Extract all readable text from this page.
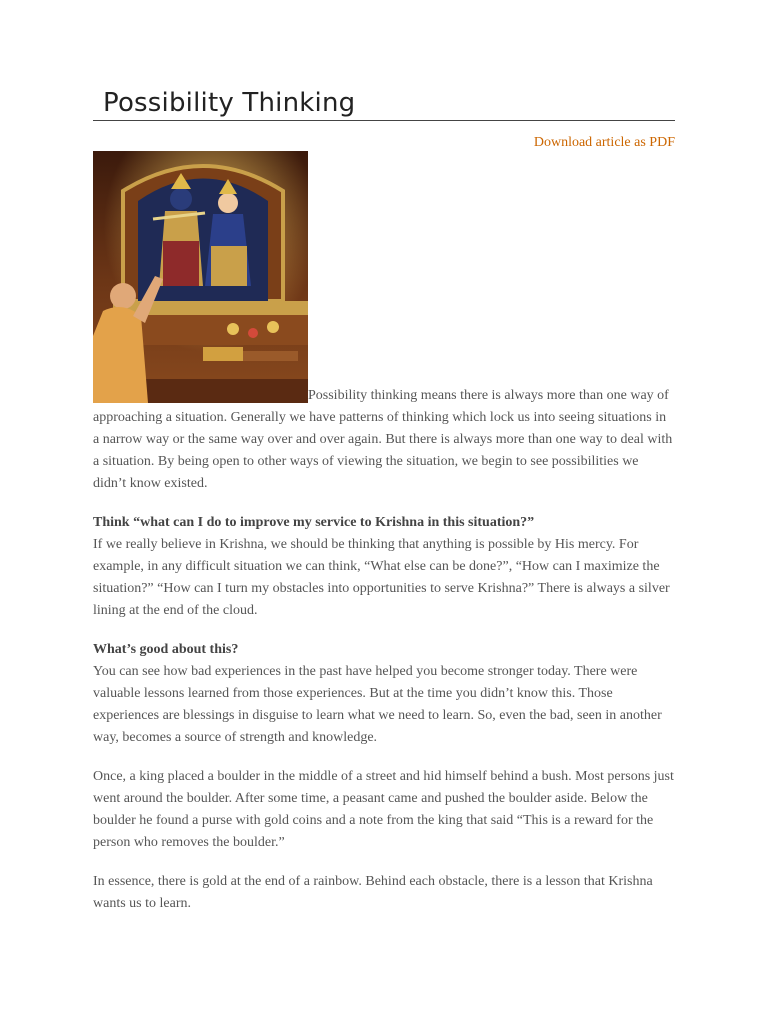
Possibility Thinking
Download article as PDF

Possibility thinking means there is always more than one way of approaching a situation. Generally we have patterns of thinking which lock us into seeing situations in a narrow way or the same way over and over again. But there is always more than one way to deal with a situation. By being open to other ways of viewing the situation, we begin to see possibilities we didn’t know existed.

Think “what can I do to improve my service to Krishna in this situation?”
If we really believe in Krishna, we should be thinking that anything is possible by His mercy. For example, in any difficult situation we can think, “What else can be done?”, “How can I maximize the situation?” “How can I turn my obstacles into opportunities to serve Krishna?” There is always a silver lining at the end of the cloud.

What’s good about this?
You can see how bad experiences in the past have helped you become stronger today. There were valuable lessons learned from those experiences. But at the time you didn’t know this. Those experiences are blessings in disguise to learn what we need to learn. So, even the bad, seen in another way, becomes a source of strength and knowledge.

Once, a king placed a boulder in the middle of a street and hid himself behind a bush. Most persons just went around the boulder. After some time, a peasant came and pushed the boulder aside. Below the boulder he found a purse with gold coins and a note from the king that said “This is a reward for the person who removes the boulder.”

In essence, there is gold at the end of a rainbow. Behind each obstacle, there is a lesson that Krishna wants us to learn.
